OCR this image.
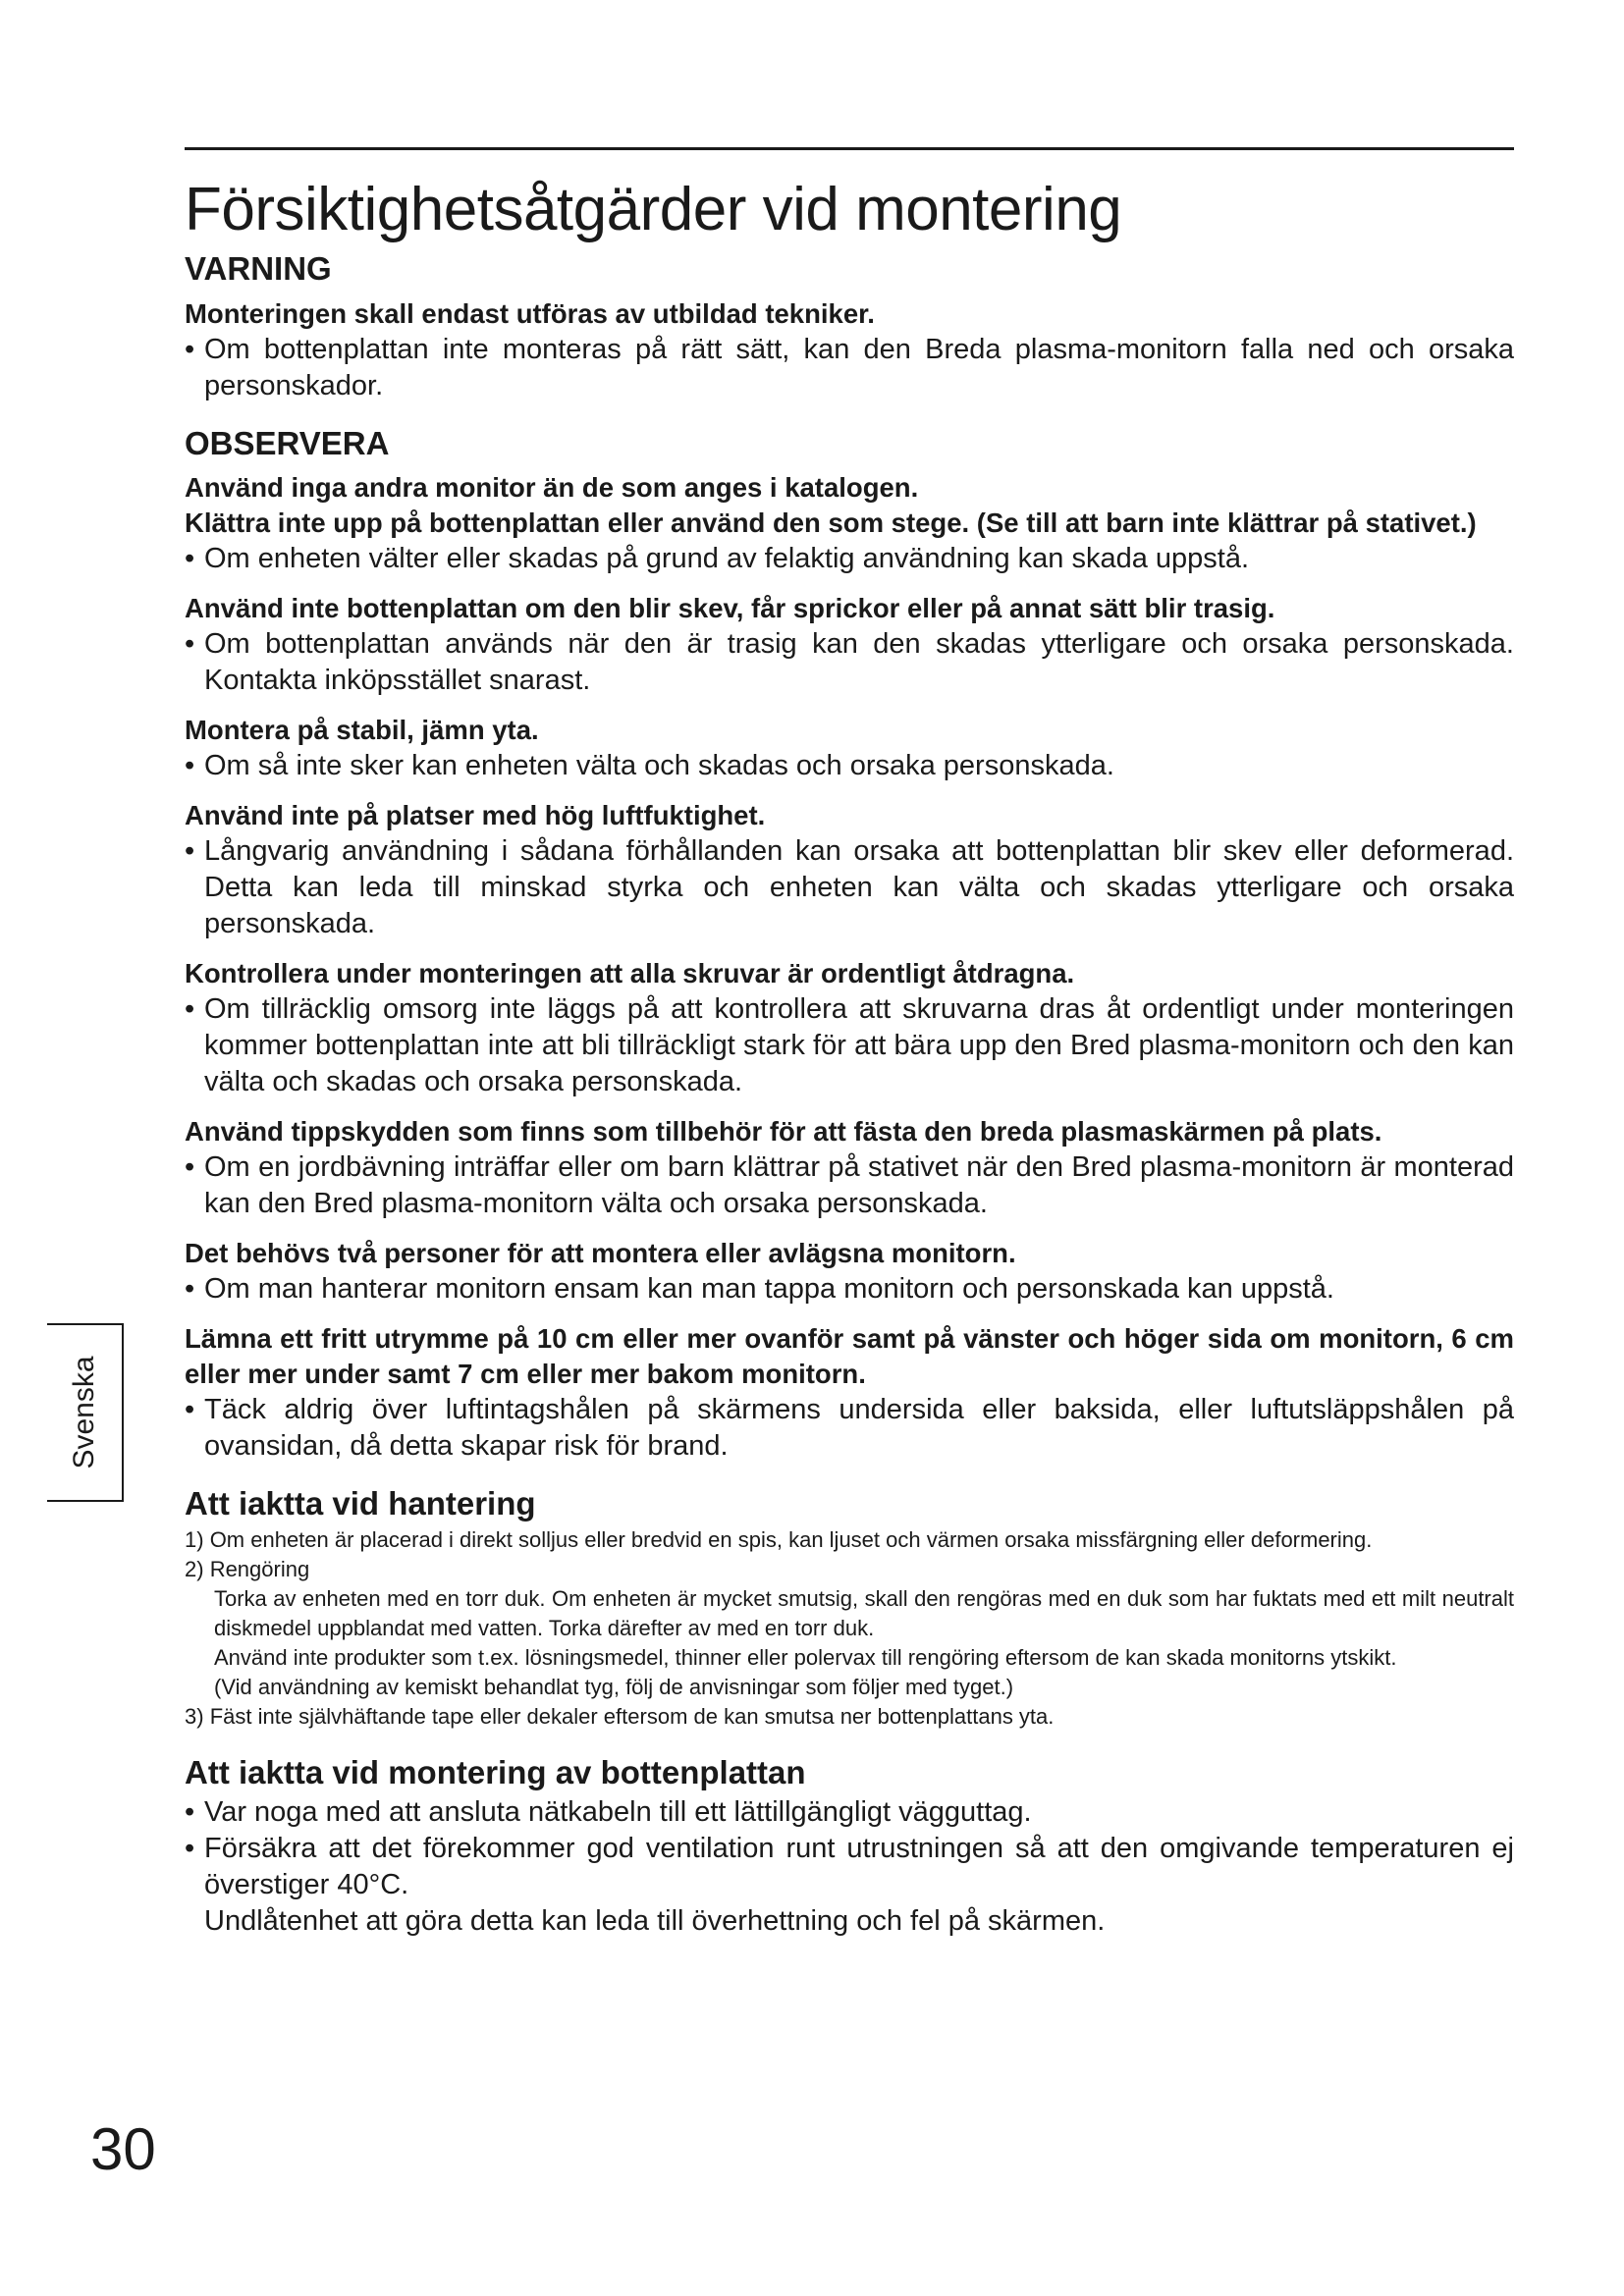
Försiktighetsåtgärder vid montering
VARNING

Monteringen skall endast utföras av utbildad tekniker.

• Om bottenplattan inte monteras på rätt sätt, kan den Breda plasma-monitorn falla ned och orsaka personskador.

OBSERVERA

Använd inga andra monitor än de som anges i katalogen.

Klättra inte upp på bottenplattan eller använd den som stege. (Se till att barn inte klättrar på stativet.)

• Om enheten välter eller skadas på grund av felaktig användning kan skada uppstå.

Använd inte bottenplattan om den blir skev, får sprickor eller på annat sätt blir trasig.

• Om bottenplattan används när den är trasig kan den skadas ytterligare och orsaka personskada. Kontakta inköpsstället snarast.

Montera på stabil, jämn yta.

• Om så inte sker kan enheten välta och skadas och orsaka personskada.

Använd inte på platser med hög luftfuktighet.

• Långvarig användning i sådana förhållanden kan orsaka att bottenplattan blir skev eller deformerad. Detta kan leda till minskad styrka och enheten kan välta och skadas ytterligare och orsaka personskada.

Kontrollera under monteringen att alla skruvar är ordentligt åtdragna.

• Om tillräcklig omsorg inte läggs på att kontrollera att skruvarna dras åt ordentligt under monteringen kommer bottenplattan inte att bli tillräckligt stark för att bära upp den Bred plasma-monitorn och den kan välta och skadas och orsaka personskada.

Använd tippskydden som finns som tillbehör för att fästa den breda plasmaskärmen på plats.

• Om en jordbävning inträffar eller om barn klättrar på stativet när den Bred plasma-monitorn är monterad kan den Bred plasma-monitorn välta och orsaka personskada.

Det behövs två personer för att montera eller avlägsna monitorn.

• Om man hanterar monitorn ensam kan man tappa monitorn och personskada kan uppstå.

Lämna ett fritt utrymme på 10 cm eller mer ovanför samt på vänster och höger sida om monitorn, 6 cm eller mer under samt 7 cm eller mer bakom monitorn.

• Täck aldrig över luftintagshålen på skärmens undersida eller baksida, eller luftutsläppshålen på ovansidan, då detta skapar risk för brand.

Att iaktta vid hantering

1) Om enheten är placerad i direkt solljus eller bredvid en spis, kan ljuset och värmen orsaka missfärgning eller deformering.

2) Rengöring

Torka av enheten med en torr duk. Om enheten är mycket smutsig, skall den rengöras med en duk som har fuktats med ett milt neutralt diskmedel uppblandat med vatten. Torka därefter av med en torr duk.

Använd inte produkter som t.ex. lösningsmedel, thinner eller polervax till rengöring eftersom de kan skada monitorns ytskikt.

(Vid användning av kemiskt behandlat tyg, följ de anvisningar som följer med tyget.)

3) Fäst inte självhäftande tape eller dekaler eftersom de kan smutsa ner bottenplattans yta.

Att iaktta vid montering av bottenplattan

• Var noga med att ansluta nätkabeln till ett lättillgängligt vägguttag.

• Försäkra att det förekommer god ventilation runt utrustningen så att den omgivande temperaturen ej överstiger 40°C.

Undlåtenhet att göra detta kan leda till överhettning och fel på skärmen.

Svenska
30
